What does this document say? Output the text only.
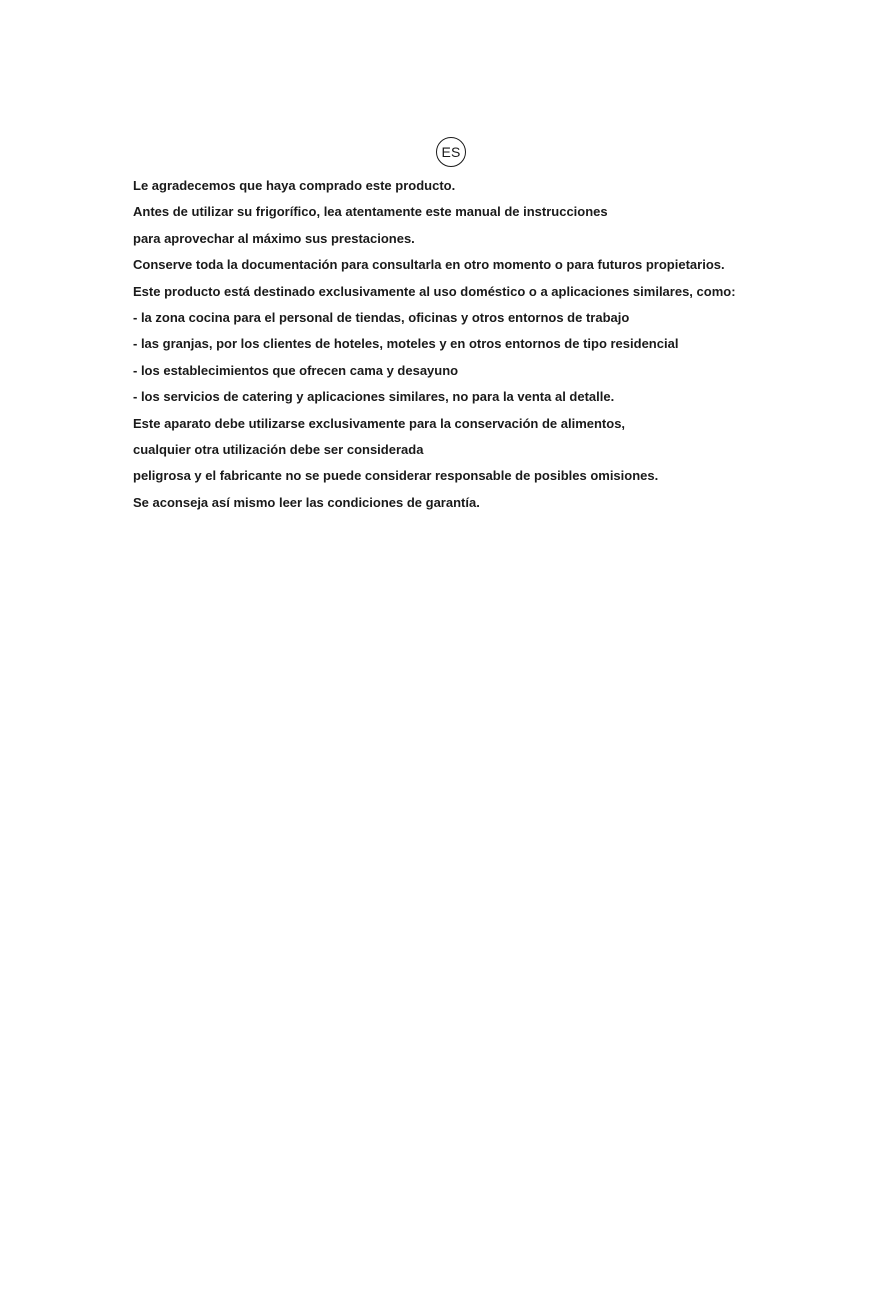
ES
Le agradecemos que haya comprado este producto.
Antes de utilizar su frigorífico, lea atentamente este manual de instrucciones
para aprovechar al máximo sus prestaciones.
Conserve toda la documentación para consultarla en otro momento o para futuros propietarios.
Este producto está destinado exclusivamente al uso doméstico o a aplicaciones similares, como:
- la zona cocina para el personal de tiendas, oficinas y otros entornos de trabajo
- las granjas, por los clientes de hoteles, moteles y en otros entornos de tipo residencial
- los establecimientos que ofrecen cama y desayuno
- los servicios de catering y aplicaciones similares, no para la venta al detalle.
Este aparato debe utilizarse exclusivamente para la conservación de alimentos,
cualquier otra utilización debe ser considerada
peligrosa y el fabricante no se puede considerar responsable de posibles omisiones.
Se aconseja así mismo leer las condiciones de garantía.
